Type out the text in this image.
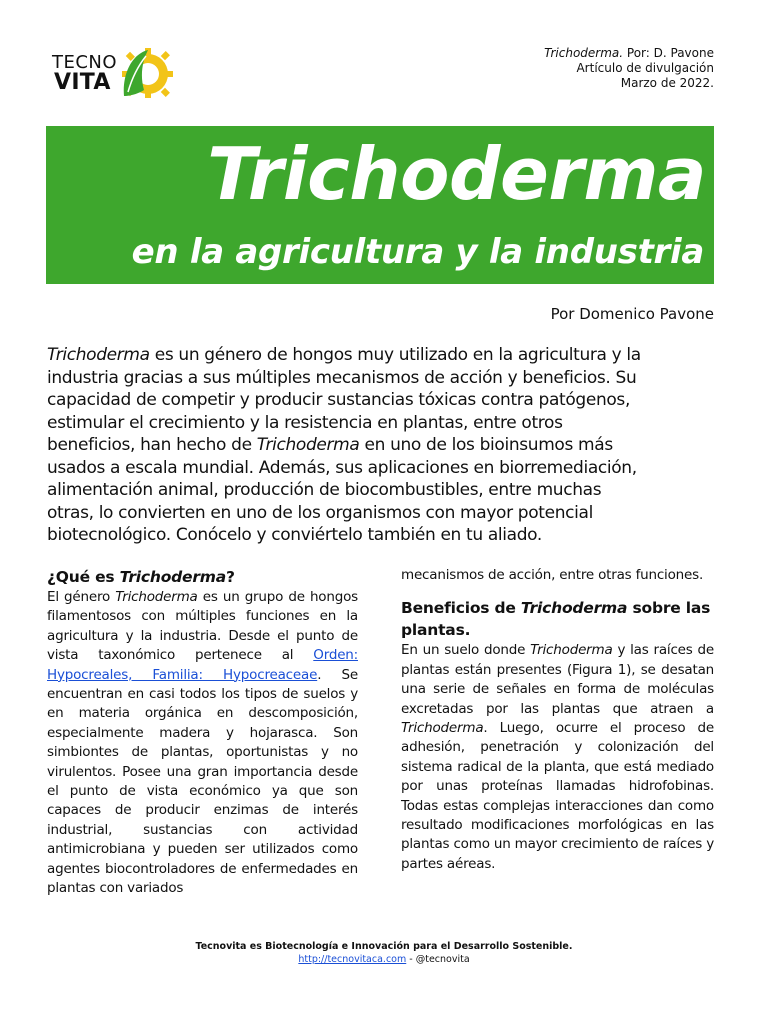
TECNO
VITA
Trichoderma. Por: D. Pavone
Artículo de divulgación
Marzo de 2022.
Trichoderma
en la agricultura y la industria
Por Domenico Pavone

Trichoderma es un género de hongos muy utilizado en la agricultura y la

industria gracias a sus múltiples mecanismos de acción y beneficios. Su

capacidad de competir y producir sustancias tóxicas contra patógenos,

estimular el crecimiento y la resistencia en plantas, entre otros

beneficios, han hecho de Trichoderma en uno de los bioinsumos más

usados a escala mundial. Además, sus aplicaciones en biorremediación,

alimentación animal, producción de biocombustibles, entre muchas

otras, lo convierten en uno de los organismos con mayor potencial

biotecnológico. Conócelo y conviértelo también en tu aliado.

¿Qué es Trichoderma?

El género Trichoderma es un grupo de hongos filamentosos con múltiples funciones en la agricultura y la industria. Desde el punto de vista taxonómico pertenece al Orden: Hypocreales, Familia: Hypocreaceae. Se encuentran en casi todos los tipos de suelos y en materia orgánica en descomposición, especialmente madera y hojarasca. Son simbiontes de plantas, oportunistas y no virulentos. Posee una gran importancia desde el punto de vista económico ya que son capaces de producir enzimas de interés industrial, sustancias con actividad antimicrobiana y pueden ser utilizados como agentes biocontroladores de enfermedades en plantas con variados

mecanismos de acción, entre otras funciones.

Beneficios de Trichoderma sobre las plantas.

En un suelo donde Trichoderma y las raíces de plantas están presentes (Figura 1), se desatan una serie de señales en forma de moléculas excretadas por las plantas que atraen a Trichoderma. Luego, ocurre el proceso de adhesión, penetración y colonización del sistema radical de la planta, que está mediado por unas proteínas llamadas hidrofobinas. Todas estas complejas interacciones dan como resultado modificaciones morfológicas en las plantas como un mayor crecimiento de raíces y partes aéreas.

Tecnovita es Biotecnología e Innovación para el Desarrollo Sostenible.
http://tecnovitaca.com - @tecnovita
